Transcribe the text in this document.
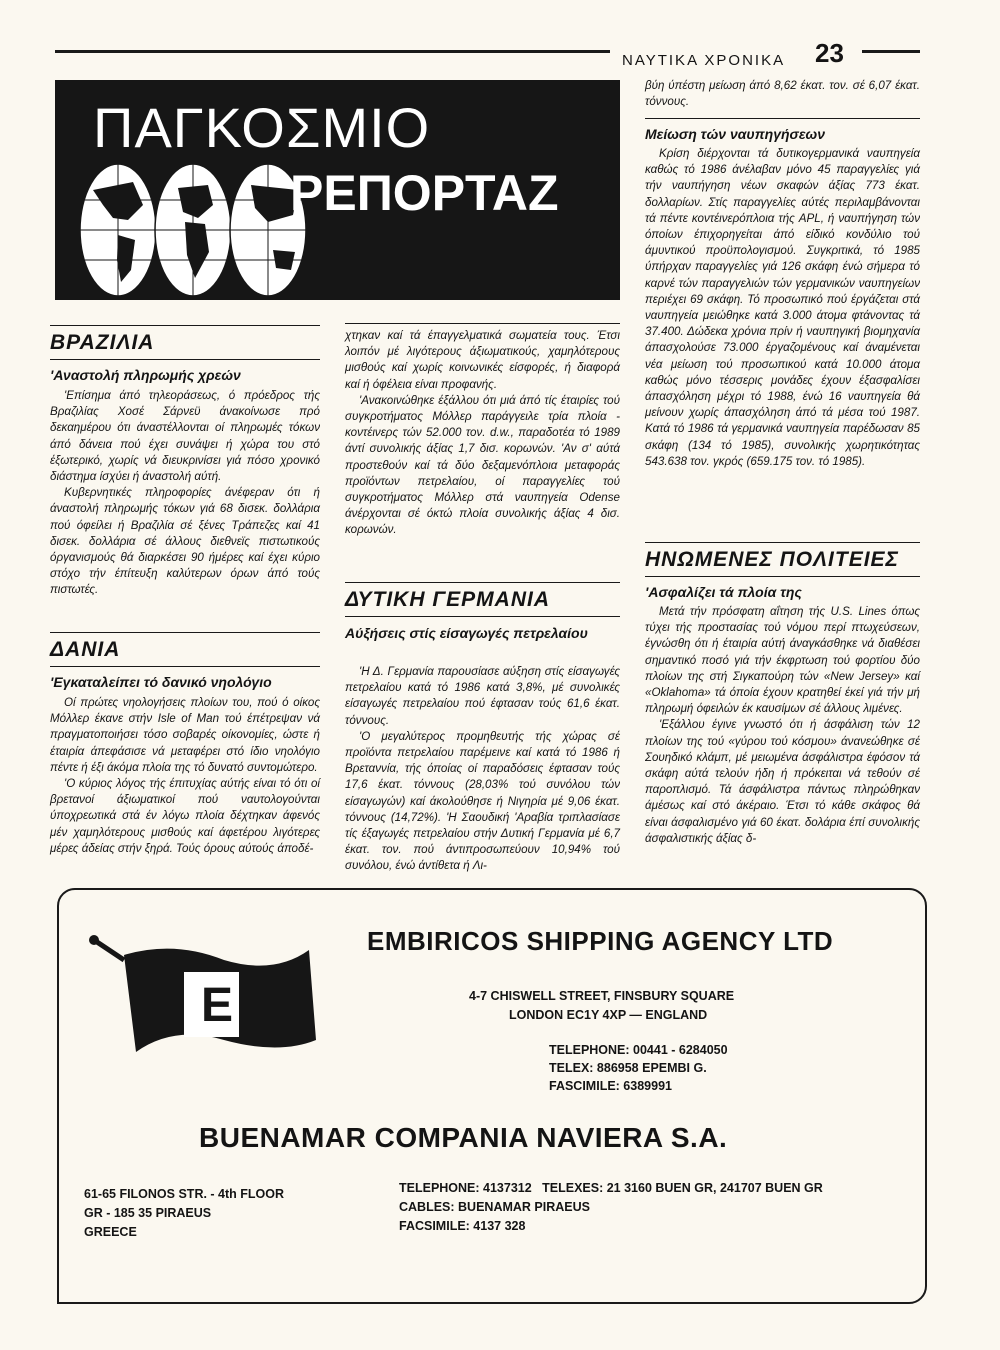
ΝΑΥΤΙΚΑ ΧΡΟΝΙΚΑ 23
ΠΑΓΚΟΣΜΙΟ
ΡΕΠΟΡΤΑΖ
ΒΡΑΖΙΛΙΑ
'Αναστολή πληρωμής χρεών

'Επίσημα άπό τηλεοράσεως, ό πρόεδρος τής Βραζιλίας Χοσέ Σάρνεϋ άνακοίνωσε πρό δεκαημέρου ότι άναστέλλονται οί πληρωμές τόκων άπό δάνεια πού έχει συνάψει ή χώρα του στό έξωτερικό, χωρίς νά διευκρινίσει γιά πόσο χρονικό διάστημα ίσχύει ή άναστολή αύτή.

Κυβερνητικές πληροφορίες άνέφεραν ότι ή άναστολή πληρωμής τόκων γιά 68 δισεκ. δολλάρια πού όφείλει ή Βραζιλία σέ ξένες Τράπεζες καί 41 δισεκ. δολλάρια σέ άλλους διεθνεϊς πιστωτικούς όργανισμούς θά διαρκέσει 90 ήμέρες καί έχει κύριο στόχο τήν έπίτευξη καλύτερων όρων άπό τούς πιστωτές.

ΔΑΝΙΑ
'Εγκαταλείπει τό δανικό νηολόγιο

Οί πρώτες νηολογήσεις πλοίων του, πού ό οίκος Μόλλερ έκανε στήν Isle of Man τού έπέτρεψαν νά πραγματοποιήσει τόσο σοβαρές οίκονομίες, ώστε ή έταιρία άπεφάσισε νά μεταφέρει στό ίδιο νηολόγιο πέντε ή έξι άκόμα πλοία της τό δυνατό συντομώτερο.

'Ο κύριος λόγος τής έπιτυχίας αύτής είναι τό ότι οί βρετανοί άξιωματικοί πού ναυτολογούνται ύποχρεωτικά στά έν λόγω πλοία δέχτηκαν άφενός μέν χαμηλότερους μισθούς καί άφετέρου λιγότερες μέρες άδείας στήν ξηρά. Τούς όρους αύτούς άποδέ-

χτηκαν καί τά έπαγγελματικά σωματεία τους. Έτσι λοιπόν μέ λιγότερους άξιωματικούς, χαμηλότερους μισθούς καί χωρίς κοινωνικές είσφορές, ή διαφορά καί ή όφέλεια είναι προφανής.

'Ανακοινώθηκε έξάλλου ότι μιά άπό τίς έταιρίες τού συγκροτήματος Μόλλερ παράγγειλε τρία πλοία - κοντέινερς τών 52.000 τον. d.w., παραδοτέα τό 1989 άντί συνολικής άξίας 1,7 δισ. κορωνών. 'Αν σ' αύτά προστεθούν καί τά δύο δεξαμενόπλοια μεταφοράς προϊόντων πετρελαίου, οί παραγγελίες τού συγκροτήματος Μόλλερ στά ναυπηγεία Odense άνέρχονται σέ όκτώ πλοία συνολικής άξίας 4 δισ. κορωνών.

ΔΥΤΙΚΗ ΓΕΡΜΑΝΙΑ
Αύξήσεις στίς είσαγωγές πετρελαίου

'Η Δ. Γερμανία παρουσίασε αύξηση στίς είσαγωγές πετρελαίου κατά τό 1986 κατά 3,8%, μέ συνολικές είσαγωγές πετρελαίου πού έφτασαν τούς 61,6 έκατ. τόννους.

'Ο μεγαλύτερος προμηθευτής τής χώρας σέ προϊόντα πετρελαίου παρέμεινε καί κατά τό 1986 ή Βρεταννία, τής όποίας οί παραδόσεις έφτασαν τούς 17,6 έκατ. τόννους (28,03% τού συνόλου τών είσαγωγών) καί άκολούθησε ή Νιγηρία μέ 9,06 έκατ. τόννους (14,72%). 'Η Σαουδική 'Αραβία τριπλασίασε τίς έξαγωγές πετρελαίου στήν Δυτική Γερμανία μέ 6,7 έκατ. τον. πού άντιπροσωπεύουν 10,94% τού συνόλου, ένώ άντίθετα ή Λι-

βύη ύπέστη μείωση άπό 8,62 έκατ. τον. σέ 6,07 έκατ. τόννους.

Μείωση τών ναυπηγήσεων

Κρίση διέρχονται τά δυτικογερμανικά ναυπηγεία καθώς τό 1986 άνέλαβαν μόνο 45 παραγγελίες γιά τήν ναυπήγηση νέων σκαφών άξίας 773 έκατ. δολλαρίων. Στίς παραγγελίες αύτές περιλαμβάνονται τά πέντε κοντέινερόπλοια τής APL, ή ναυπήγηση τών όποίων έπιχορηγείται άπό είδικό κονδύλιο τού άμυντικού προϋπολογισμού. Συγκριτικά, τό 1985 ύπήρχαν παραγγελίες γιά 126 σκάφη ένώ σήμερα τό καρνέ τών παραγγελιών τών γερμανικών ναυπηγείων περιέχει 69 σκάφη. Τό προσωπικό πού έργάζεται στά ναυπηγεία μειώθηκε κατά 3.000 άτομα φτάνοντας τά 37.400. Δώδεκα χρόνια πρίν ή ναυπηγική βιομηχανία άπασχολούσε 73.000 έργαζομένους καί άναμένεται νέα μείωση τού προσωπικού κατά 10.000 άτομα καθώς μόνο τέσσερις μονάδες έχουν έξασφαλίσει άπασχόληση μέχρι τό 1988, ένώ 16 ναυπηγεία θά μείνουν χωρίς άπασχόληση άπό τά μέσα τού 1987. Κατά τό 1986 τά γερμανικά ναυπηγεία παρέδωσαν 85 σκάφη (134 τό 1985), συνολικής χωρητικότητας 543.638 τον. γκρός (659.175 τον. τό 1985).

ΗΝΩΜΕΝΕΣ ΠΟΛΙΤΕΙΕΣ
'Ασφαλίζει τά πλοία της

Μετά τήν πρόσφατη αΐτηση τής U.S. Lines όπως τύχει τής προστασίας τού νόμου περί πτωχεύσεων, έγνώσθη ότι ή έταιρία αύτή άναγκάσθηκε νά διαθέσει σημαντικό ποσό γιά τήν έκφρτωση τού φορτίου δύο πλοίων της στή Σιγκαπούρη τών «New Jersey» καί «Oklahoma» τά όποία έχουν κρατηθεί έκεί γιά τήν μή πληρωμή όφειλών έκ καυσίμων σέ άλλους λιμένες.

'Εξάλλου έγινε γνωστό ότι ή άσφάλιση τών 12 πλοίων της τού «γύρου τού κόσμου» άνανεώθηκε σέ Σουηδικό κλάμπ, μέ μειωμένα άσφάλιστρα έφόσον τά σκάφη αύτά τελούν ήδη ή πρόκειται νά τεθούν σέ παροπλισμό. Τά άσφάλιστρα πάντως πληρώθηκαν άμέσως καί στό άκέραιο. Έτσι τό κάθε σκάφος θά είναι άσφαλισμένο γιά 60 έκατ. δολάρια έπί συνολικής άσφαλιστικής άξίας δ-

E
EMBIRICOS SHIPPING AGENCY LTD
4-7 CHISWELL STREET, FINSBURY SQUARE
LONDON EC1Y 4XP — ENGLAND
TELEPHONE: 00441 - 6284050
TELEX: 886958 EPEMBI G.
FASCIMILE: 6389991
BUENAMAR COMPANIA NAVIERA S.A.
61-65 FILONOS STR. - 4th FLOOR
GR - 185 35 PIRAEUS
GREECE
TELEPHONE: 4137312 TELEXES: 21 3160 BUEN GR, 241707 BUEN GR
CABLES: BUENAMAR PIRAEUS
FACSIMILE: 4137 328
